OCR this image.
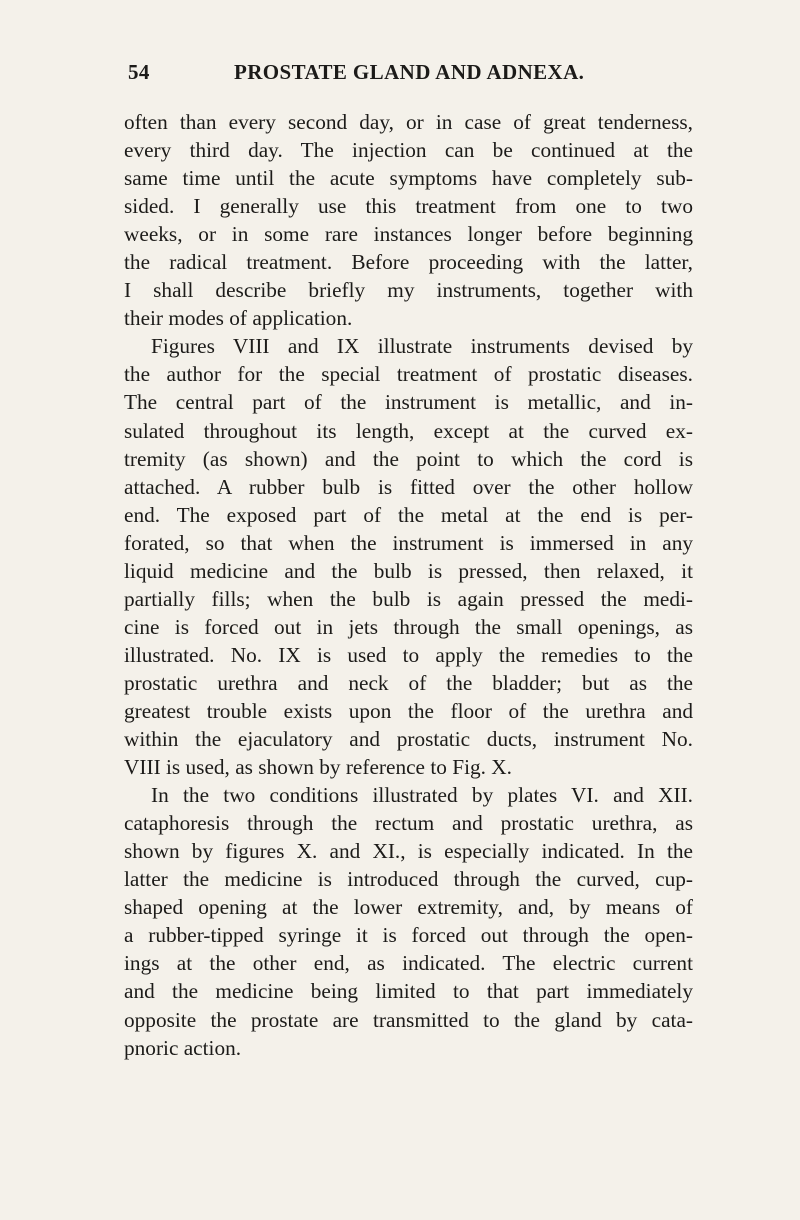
54	PROSTATE GLAND AND ADNEXA.
often than every second day, or in case of great tenderness,
every third day. The injection can be continued at the
same time until the acute symptoms have completely sub-
sided. I generally use this treatment from one to two
weeks, or in some rare instances longer before beginning
the radical treatment. Before proceeding with the latter,
I shall describe briefly my instruments, together with
their modes of application.
Figures VIII and IX illustrate instruments devised by
the author for the special treatment of prostatic diseases.
The central part of the instrument is metallic, and in-
sulated throughout its length, except at the curved ex-
tremity (as shown) and the point to which the cord is
attached. A rubber bulb is fitted over the other hollow
end. The exposed part of the metal at the end is per-
forated, so that when the instrument is immersed in any
liquid medicine and the bulb is pressed, then relaxed, it
partially fills; when the bulb is again pressed the medi-
cine is forced out in jets through the small openings, as
illustrated. No. IX is used to apply the remedies to the
prostatic urethra and neck of the bladder; but as the
greatest trouble exists upon the floor of the urethra and
within the ejaculatory and prostatic ducts, instrument No.
VIII is used, as shown by reference to Fig. X.
In the two conditions illustrated by plates VI. and XII.
cataphoresis through the rectum and prostatic urethra, as
shown by figures X. and XI., is especially indicated. In the
latter the medicine is introduced through the curved, cup-
shaped opening at the lower extremity, and, by means of
a rubber-tipped syringe it is forced out through the open-
ings at the other end, as indicated. The electric current
and the medicine being limited to that part immediately
opposite the prostate are transmitted to the gland by cata-
pnoric action.
